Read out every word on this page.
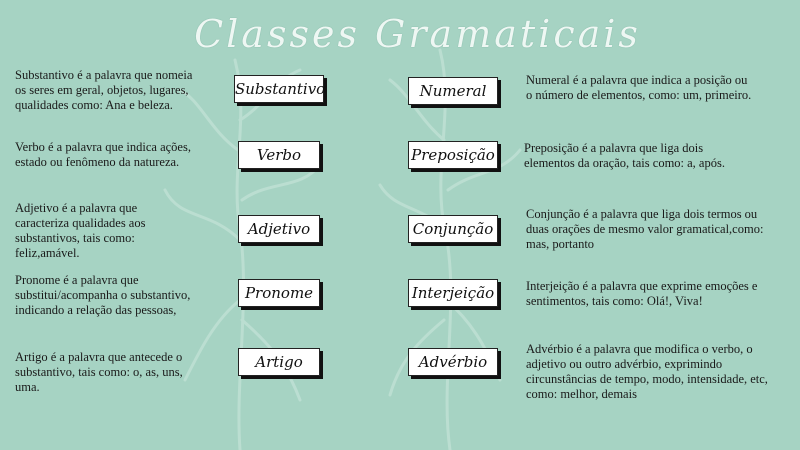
Classes Gramaticais
Substantivo é a palavra que nomeia os seres em geral, objetos, lugares, qualidades como: Ana e beleza.
Verbo é a palavra que indica ações, estado ou fenômeno da natureza.
Adjetivo é a palavra que caracteriza qualidades aos substantivos, tais como: feliz,amável.
Pronome é a palavra que substitui/acompanha o substantivo, indicando a relação das pessoas,
Artigo é a palavra que antecede o substantivo, tais como: o, as, uns, uma.
Substantivo
Verbo
Adjetivo
Pronome
Artigo
Numeral
Preposição
Conjunção
Interjeição
Advérbio
Numeral é a palavra que indica a posição ou o número de elementos, como: um, primeiro.
Preposição é a palavra que liga dois elementos da oração, tais como: a, após.
Conjunção é a palavra que liga dois termos ou duas orações de mesmo valor gramatical,como: mas, portanto
Interjeição é a palavra que exprime emoções e sentimentos, tais como: Olá!, Viva!
Advérbio é a palavra que modifica o verbo, o adjetivo ou outro advérbio, exprimindo circunstâncias de tempo, modo, intensidade, etc, como: melhor, demais
